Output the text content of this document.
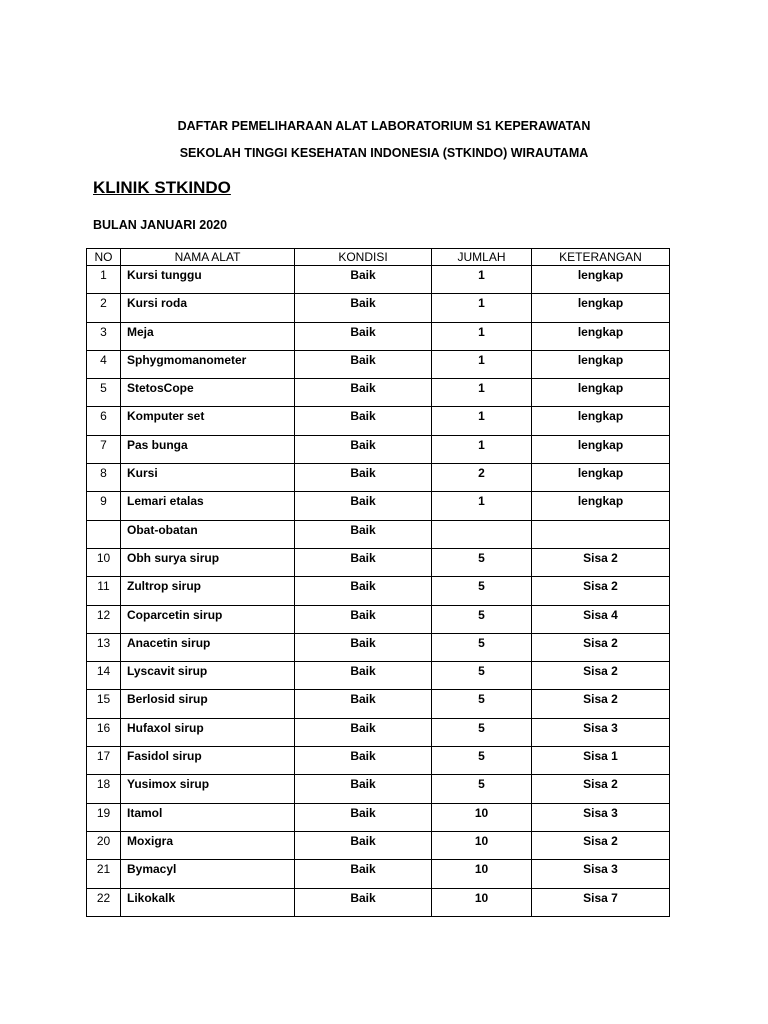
DAFTAR PEMELIHARAAN ALAT LABORATORIUM S1 KEPERAWATAN
SEKOLAH TINGGI KESEHATAN INDONESIA (STKINDO) WIRAUTAMA
KLINIK STKINDO
BULAN JANUARI 2020
NO	NAMA ALAT	KONDISI	JUMLAH	KETERANGAN
1	Kursi tunggu	Baik	1	lengkap
2	Kursi roda	Baik	1	lengkap
3	Meja	Baik	1	lengkap
4	Sphygmomanometer	Baik	1	lengkap
5	StetosCope	Baik	1	lengkap
6	Komputer set	Baik	1	lengkap
7	Pas bunga	Baik	1	lengkap
8	Kursi	Baik	2	lengkap
9	Lemari etalas	Baik	1	lengkap
	Obat-obatan	Baik		
10	Obh surya sirup	Baik	5	Sisa 2
11	Zultrop sirup	Baik	5	Sisa 2
12	Coparcetin sirup	Baik	5	Sisa 4
13	Anacetin sirup	Baik	5	Sisa 2
14	Lyscavit sirup	Baik	5	Sisa 2
15	Berlosid sirup	Baik	5	Sisa 2
16	Hufaxol sirup	Baik	5	Sisa 3
17	Fasidol sirup	Baik	5	Sisa 1
18	Yusimox sirup	Baik	5	Sisa 2
19	Itamol	Baik	10	Sisa 3
20	Moxigra	Baik	10	Sisa 2
21	Bymacyl	Baik	10	Sisa 3
22	Likokalk	Baik	10	Sisa 7
